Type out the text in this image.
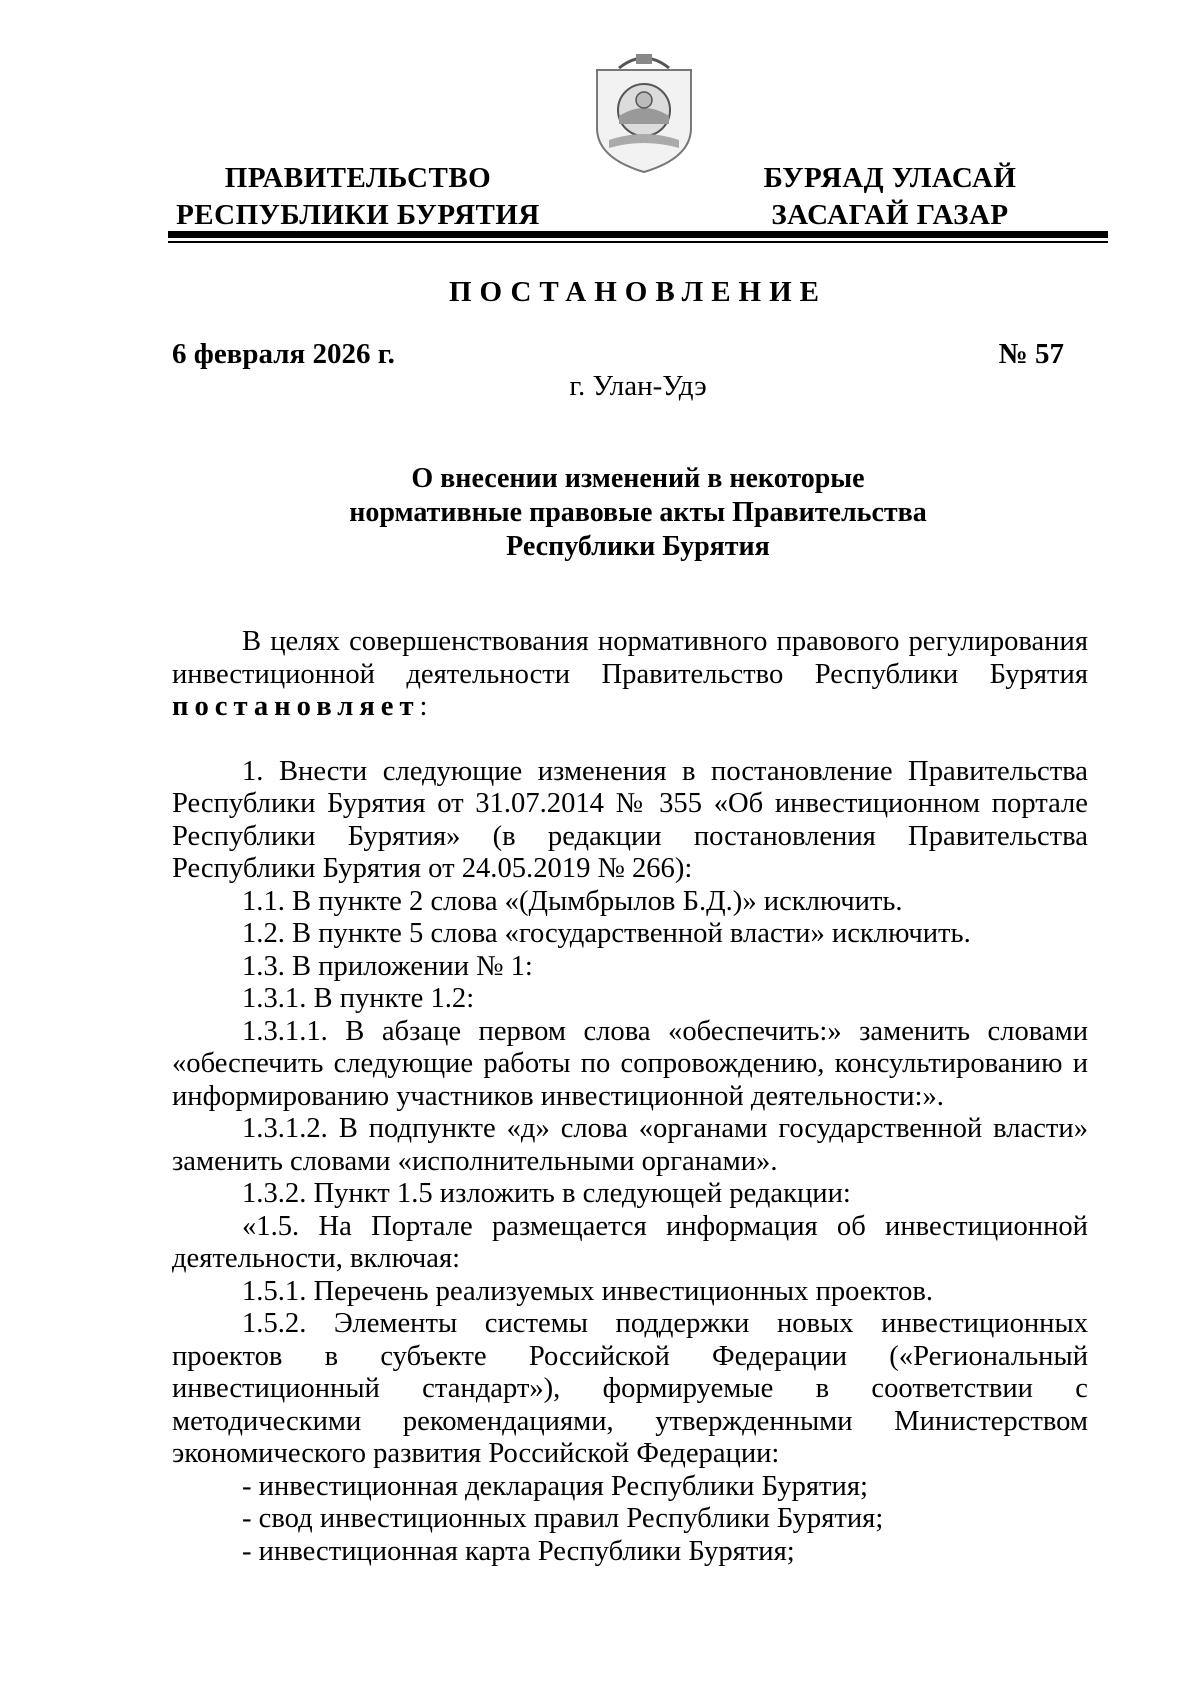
ПРАВИТЕЛЬСТВО
РЕСПУБЛИКИ БУРЯТИЯ
БУРЯАД УЛАСАЙ
ЗАСАГАЙ ГАЗАР
ПОСТАНОВЛЕНИЕ
6 февраля 2026 г.	№ 57
г. Улан-Удэ
О внесении изменений в некоторые
нормативные правовые акты Правительства
Республики Бурятия

В целях совершенствования нормативного правового регулирования инвестиционной деятельности Правительство Республики Бурятия постановляет:

1. Внести следующие изменения в постановление Правительства Республики Бурятия от 31.07.2014 № 355 «Об инвестиционном портале Республики Бурятия» (в редакции постановления Правительства Республики Бурятия от 24.05.2019 № 266):

1.1. В пункте 2 слова «(Дымбрылов Б.Д.)» исключить.

1.2. В пункте 5 слова «государственной власти» исключить.

1.3. В приложении № 1:

1.3.1. В пункте 1.2:

1.3.1.1. В абзаце первом слова «обеспечить:» заменить словами «обеспечить следующие работы по сопровождению, консультированию и информированию участников инвестиционной деятельности:».

1.3.1.2. В подпункте «д» слова «органами государственной власти» заменить словами «исполнительными органами».

1.3.2. Пункт 1.5 изложить в следующей редакции:

«1.5. На Портале размещается информация об инвестиционной деятельности, включая:

1.5.1. Перечень реализуемых инвестиционных проектов.

1.5.2. Элементы системы поддержки новых инвестиционных проектов в субъекте Российской Федерации («Региональный инвестиционный стандарт»), формируемые в соответствии с методическими рекомендациями, утвержденными Министерством экономического развития Российской Федерации:

- инвестиционная декларация Республики Бурятия;

- свод инвестиционных правил Республики Бурятия;

- инвестиционная карта Республики Бурятия;
